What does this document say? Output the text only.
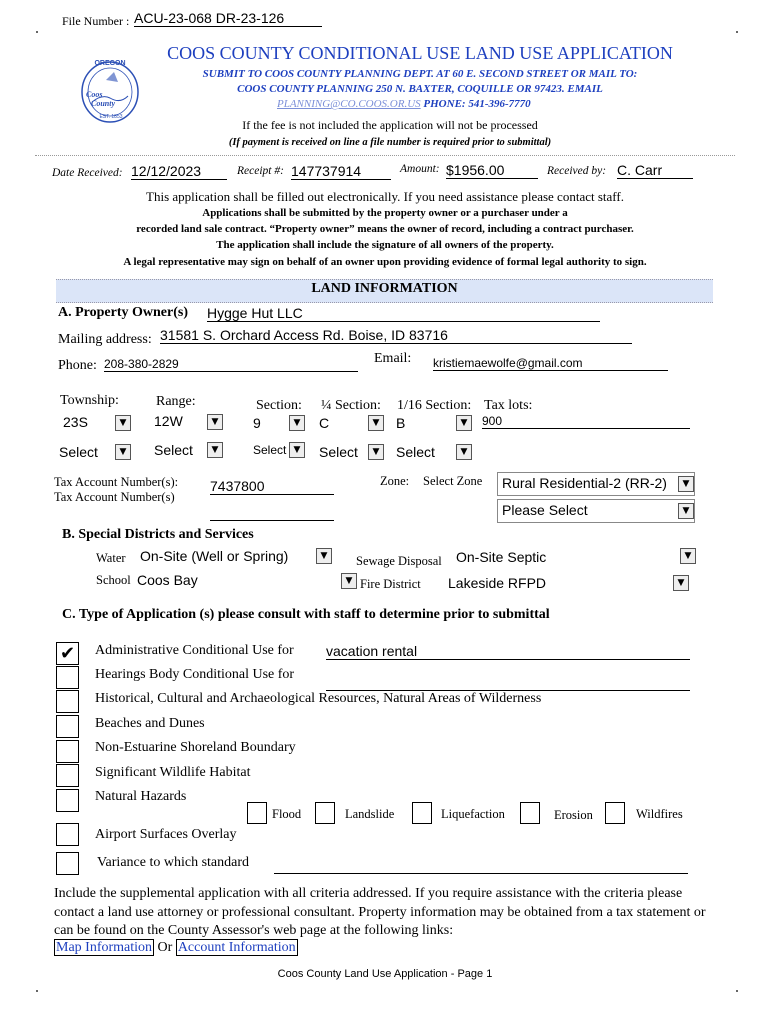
File Number : ACU-23-068 DR-23-126
OREGON
Coos
County
EST. 1853
COOS COUNTY CONDITIONAL USE LAND USE APPLICATION
SUBMIT TO COOS COUNTY PLANNING DEPT. AT 60 E. SECOND STREET OR MAIL TO:
COOS COUNTY PLANNING 250 N. BAXTER, COQUILLE OR 97423. EMAIL
PLANNING@CO.COOS.OR.US PHONE: 541-396-7770
If the fee is not included the application will not be processed
(If payment is received on line a file number is required prior to submittal)
Date Received: 12/12/2023	Receipt #: 147737914	Amount: $1956.00	Received by: C. Carr
This application shall be filled out electronically. If you need assistance please contact staff.
Applications shall be submitted by the property owner or a purchaser under a
recorded land sale contract. “Property owner” means the owner of record, including a contract purchaser.
The application shall include the signature of all owners of the property.
A legal representative may sign on behalf of an owner upon providing evidence of formal legal authority to sign.
LAND INFORMATION
A. Property Owner(s) Hygge Hut LLC
Mailing address: 31581 S. Orchard Access Rd. Boise, ID 83716
Phone: 208-380-2829	Email: kristiemaewolfe@gmail.com
Township:	Range:	Section: ¼ Section: 1/16 Section: Tax lots:
23S	▼	12W	▼	9	▼	C	▼	B	▼	900
Select	▼	Select	▼	Select ▼	Select	▼	Select	▼
Tax Account Number(s): 7437800
Tax Account Number(s)
Zone: Select Zone Rural Residential-2 (RR-2)	▼
Please Select	▼
B. Special Districts and Services
Water On-Site (Well or Spring)	▼	Sewage Disposal On-Site Septic	▼
School Coos Bay	▼ Fire District Lakeside RFPD	▼
C. Type of Application (s) please consult with staff to determine prior to submittal
✔ Administrative Conditional Use for vacation rental
Hearings Body Conditional Use for
Historical, Cultural and Archaeological Resources, Natural Areas of Wilderness
Beaches and Dunes
Non-Estuarine Shoreland Boundary
Significant Wildlife Habitat
Natural Hazards
Flood	Landslide	Liquefaction	Erosion	Wildfires
Airport Surfaces Overlay
Variance to which standard
Include the supplemental application with all criteria addressed. If you require assistance with the criteria please contact a land use attorney or professional consultant. Property information may be obtained from a tax statement or can be found on the County Assessor's web page at the following links:
Map Information Or Account Information
Coos County Land Use Application - Page 1
